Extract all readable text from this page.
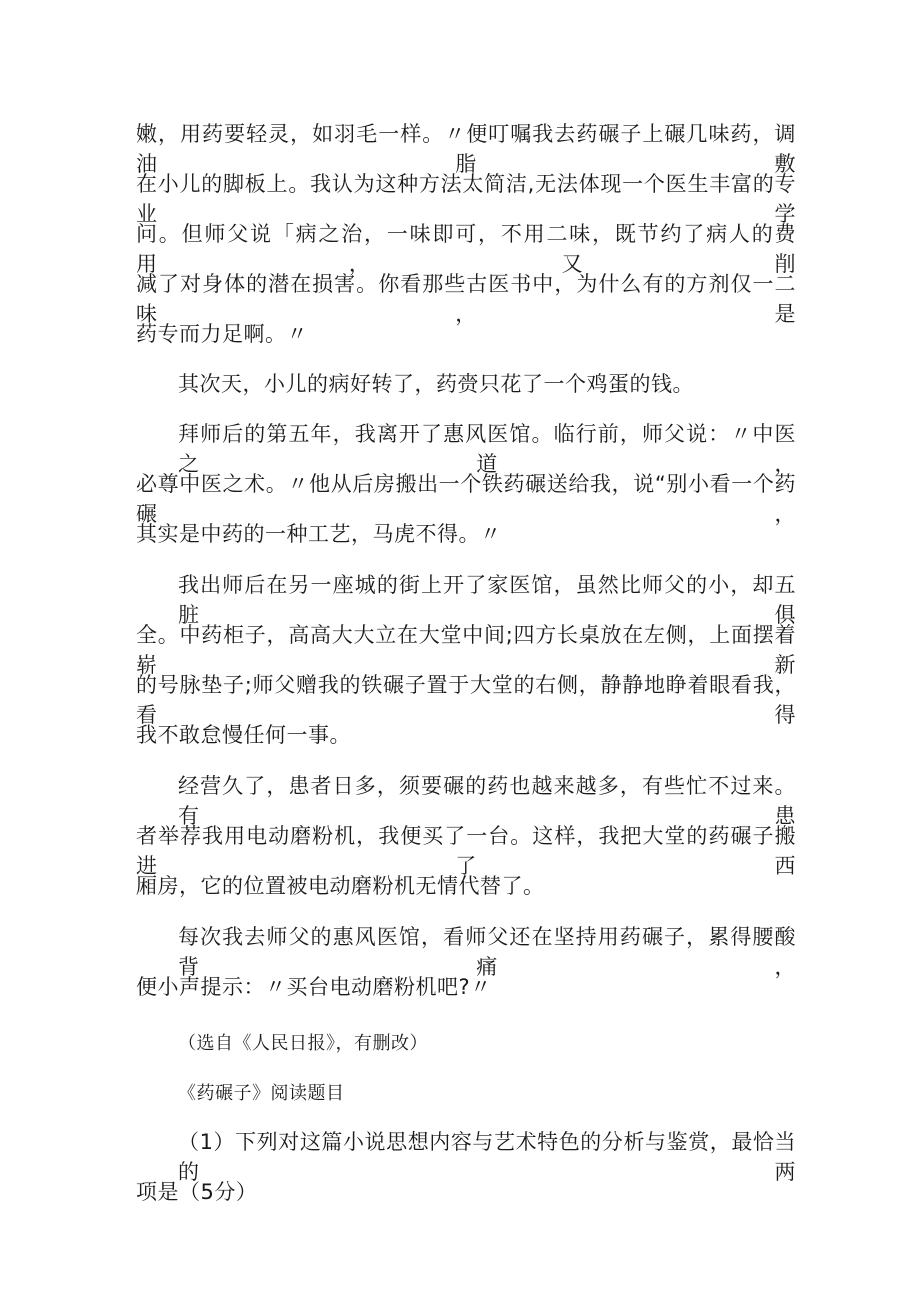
嫩，用药要轻灵，如羽毛一样。〃便叮嘱我去药碾子上碾几味药，调油脂敷
在小儿的脚板上。我认为这种方法太简洁,无法体现一个医生丰富的专业学
问。但师父说「病之治，一味即可，不用二味，既节约了病人的费用，又削
减了对身体的潜在损害。你看那些古医书中，为什么有的方剂仅一二味，是
药专而力足啊。〃
其次天，小儿的病好转了，药赍只花了一个鸡蛋的钱。
拜师后的第五年，我离开了惠风医馆。临行前，师父说：〃中医之道，
必尊中医之术。〃他从后房搬出一个铁药碾送给我，说“别小看一个药碾，
其实是中药的一种工艺，马虎不得。〃
我出师后在另一座城的街上开了家医馆，虽然比师父的小，却五脏俱
全。中药柜子，高高大大立在大堂中间;四方长桌放在左侧，上面摆着崭新
的号脉垫子;师父赠我的铁碾子置于大堂的右侧，静静地睁着眼看我，看得
我不敢怠慢任何一事。
经营久了，患者日多，须要碾的药也越来越多，有些忙不过来。有患
者举荐我用电动磨粉机，我便买了一台。这样，我把大堂的药碾子搬进了西
厢房，它的位置被电动磨粉机无情代替了。
每次我去师父的惠风医馆，看师父还在坚持用药碾子，累得腰酸背痛，
便小声提示：〃买台电动磨粉机吧?〃
（选自《人民日报》，有删改）
《药碾子》阅读题目
（1）下列对这篇小说思想内容与艺术特色的分析与鉴赏，最恰当的两
项是（5分）
